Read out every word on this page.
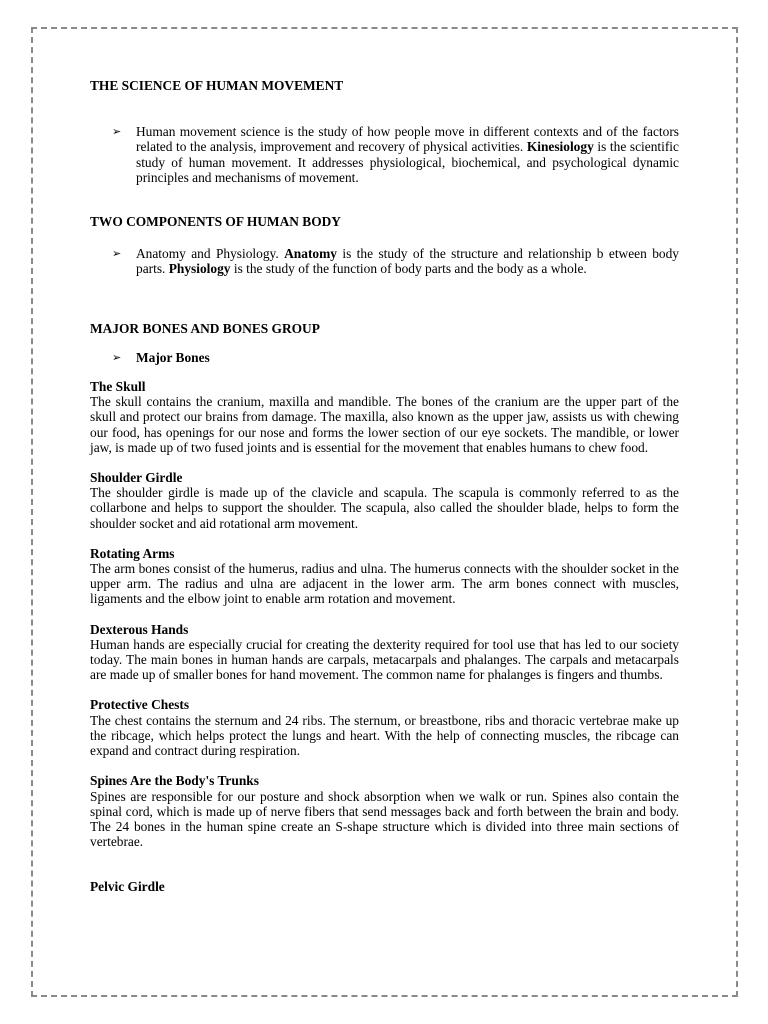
THE SCIENCE OF HUMAN MOVEMENT

➢	Human movement science is the study of how people move in different contexts and of the factors related to the analysis, improvement and recovery of physical activities. Kinesiology is the scientific study of human movement. It addresses physiological, biochemical, and psychological dynamic principles and mechanisms of movement.

TWO COMPONENTS OF HUMAN BODY

➢	Anatomy and Physiology. Anatomy is the study of the structure and relationship b etween body parts. Physiology is the study of the function of body parts and the body as a whole.

MAJOR BONES AND BONES GROUP

➢	Major Bones

The Skull

The skull contains the cranium, maxilla and mandible. The bones of the cranium are the upper part of the skull and protect our brains from damage. The maxilla, also known as the upper jaw, assists us with chewing our food, has openings for our nose and forms the lower section of our eye sockets. The mandible, or lower jaw, is made up of two fused joints and is essential for the movement that enables humans to chew food.

Shoulder Girdle

The shoulder girdle is made up of the clavicle and scapula. The scapula is commonly referred to as the collarbone and helps to support the shoulder. The scapula, also called the shoulder blade, helps to form the shoulder socket and aid rotational arm movement.

Rotating Arms

The arm bones consist of the humerus, radius and ulna. The humerus connects with the shoulder socket in the upper arm. The radius and ulna are adjacent in the lower arm. The arm bones connect with muscles, ligaments and the elbow joint to enable arm rotation and movement.

Dexterous Hands

Human hands are especially crucial for creating the dexterity required for tool use that has led to our society today. The main bones in human hands are carpals, metacarpals and phalanges. The carpals and metacarpals are made up of smaller bones for hand movement. The common name for phalanges is fingers and thumbs.

Protective Chests

The chest contains the sternum and 24 ribs. The sternum, or breastbone, ribs and thoracic vertebrae make up the ribcage, which helps protect the lungs and heart. With the help of connecting muscles, the ribcage can expand and contract during respiration.

Spines Are the Body's Trunks

Spines are responsible for our posture and shock absorption when we walk or run. Spines also contain the spinal cord, which is made up of nerve fibers that send messages back and forth between the brain and body. The 24 bones in the human spine create an S-shape structure which is divided into three main sections of vertebrae.

Pelvic Girdle
